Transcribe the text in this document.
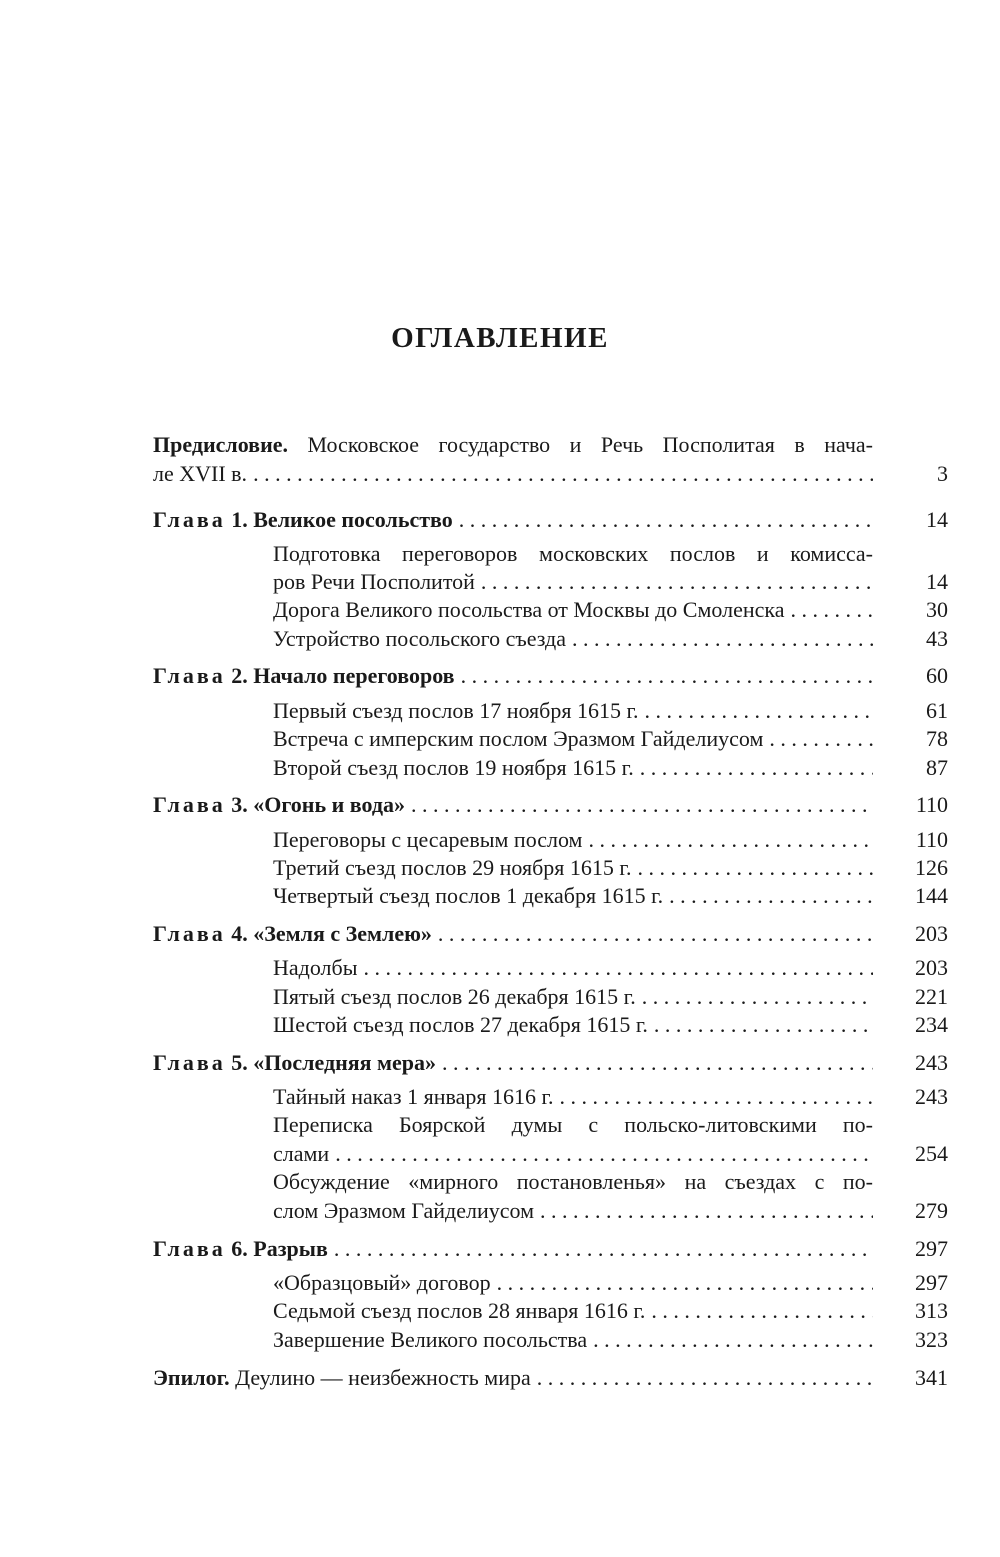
ОГЛАВЛЕНИЕ
Предисловие. Московское государство и Речь Посполитая в нача-
ле XVII в. . . .	3
Глава 1. Великое посольство . . .	14
Подготовка переговоров московских послов и комисса-
ров Речи Посполитой . . .	14
Дорога Великого посольства от Москвы до Смоленска . . .	30
Устройство посольского съезда . . .	43
Глава 2. Начало переговоров . . .	60
Первый съезд послов 17 ноября 1615 г. . . .	61
Встреча с имперским послом Эразмом Гайделиусом . . .	78
Второй съезд послов 19 ноября 1615 г. . . .	87
Глава 3. «Огонь и вода» . . .	110
Переговоры с цесаревым послом . . .	110
Третий съезд послов 29 ноября 1615 г. . . .	126
Четвертый съезд послов 1 декабря 1615 г. . . .	144
Глава 4. «Земля с Землею» . . .	203
Надолбы . . .	203
Пятый съезд послов 26 декабря 1615 г. . . .	221
Шестой съезд послов 27 декабря 1615 г. . . .	234
Глава 5. «Последняя мера» . . .	243
Тайный наказ 1 января 1616 г. . . .	243
Переписка Боярской думы с польско-литовскими по-
слами . . .	254
Обсуждение «мирного постановленья» на съездах с по-
слом Эразмом Гайделиусом . . .	279
Глава 6. Разрыв . . .	297
«Образцовый» договор . . .	297
Седьмой съезд послов 28 января 1616 г. . . .	313
Завершение Великого посольства . . .	323
Эпилог. Деулино — неизбежность мира . . .	341
